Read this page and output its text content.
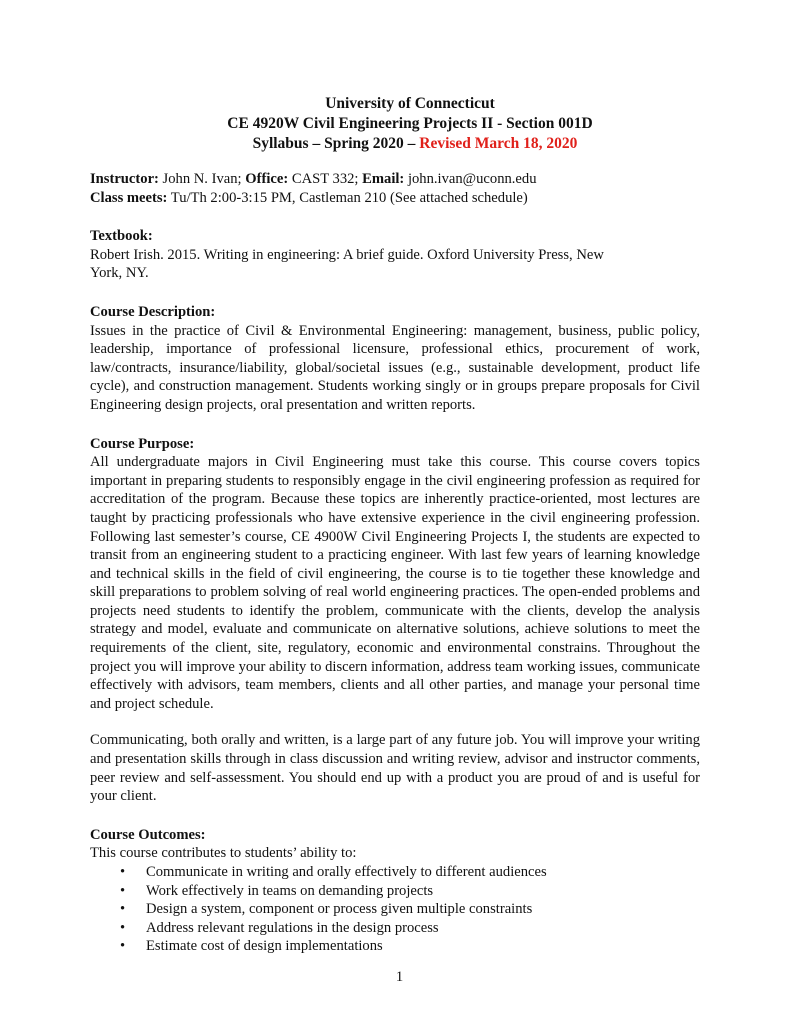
University of Connecticut
CE 4920W Civil Engineering Projects II - Section 001D
Syllabus – Spring 2020 – Revised March 18, 2020
Instructor: John N. Ivan; Office: CAST 332; Email: john.ivan@uconn.edu
Class meets: Tu/Th 2:00-3:15 PM, Castleman 210 (See attached schedule)
Textbook:
Robert Irish. 2015. Writing in engineering: A brief guide. Oxford University Press, New York, NY.
Course Description:
Issues in the practice of Civil & Environmental Engineering: management, business, public policy, leadership, importance of professional licensure, professional ethics, procurement of work, law/contracts, insurance/liability, global/societal issues (e.g., sustainable development, product life cycle), and construction management. Students working singly or in groups prepare proposals for Civil Engineering design projects, oral presentation and written reports.
Course Purpose:
All undergraduate majors in Civil Engineering must take this course. This course covers topics important in preparing students to responsibly engage in the civil engineering profession as required for accreditation of the program. Because these topics are inherently practice-oriented, most lectures are taught by practicing professionals who have extensive experience in the civil engineering profession. Following last semester’s course, CE 4900W Civil Engineering Projects I, the students are expected to transit from an engineering student to a practicing engineer. With last few years of learning knowledge and technical skills in the field of civil engineering, the course is to tie together these knowledge and skill preparations to problem solving of real world engineering practices. The open-ended problems and projects need students to identify the problem, communicate with the clients, develop the analysis strategy and model, evaluate and communicate on alternative solutions, achieve solutions to meet the requirements of the client, site, regulatory, economic and environmental constrains. Throughout the project you will improve your ability to discern information, address team working issues, communicate effectively with advisors, team members, clients and all other parties, and manage your personal time and project schedule.
Communicating, both orally and written, is a large part of any future job. You will improve your writing and presentation skills through in class discussion and writing review, advisor and instructor comments, peer review and self-assessment. You should end up with a product you are proud of and is useful for your client.
Course Outcomes:
This course contributes to students’ ability to:
• Communicate in writing and orally effectively to different audiences
• Work effectively in teams on demanding projects
• Design a system, component or process given multiple constraints
• Address relevant regulations in the design process
• Estimate cost of design implementations
1
